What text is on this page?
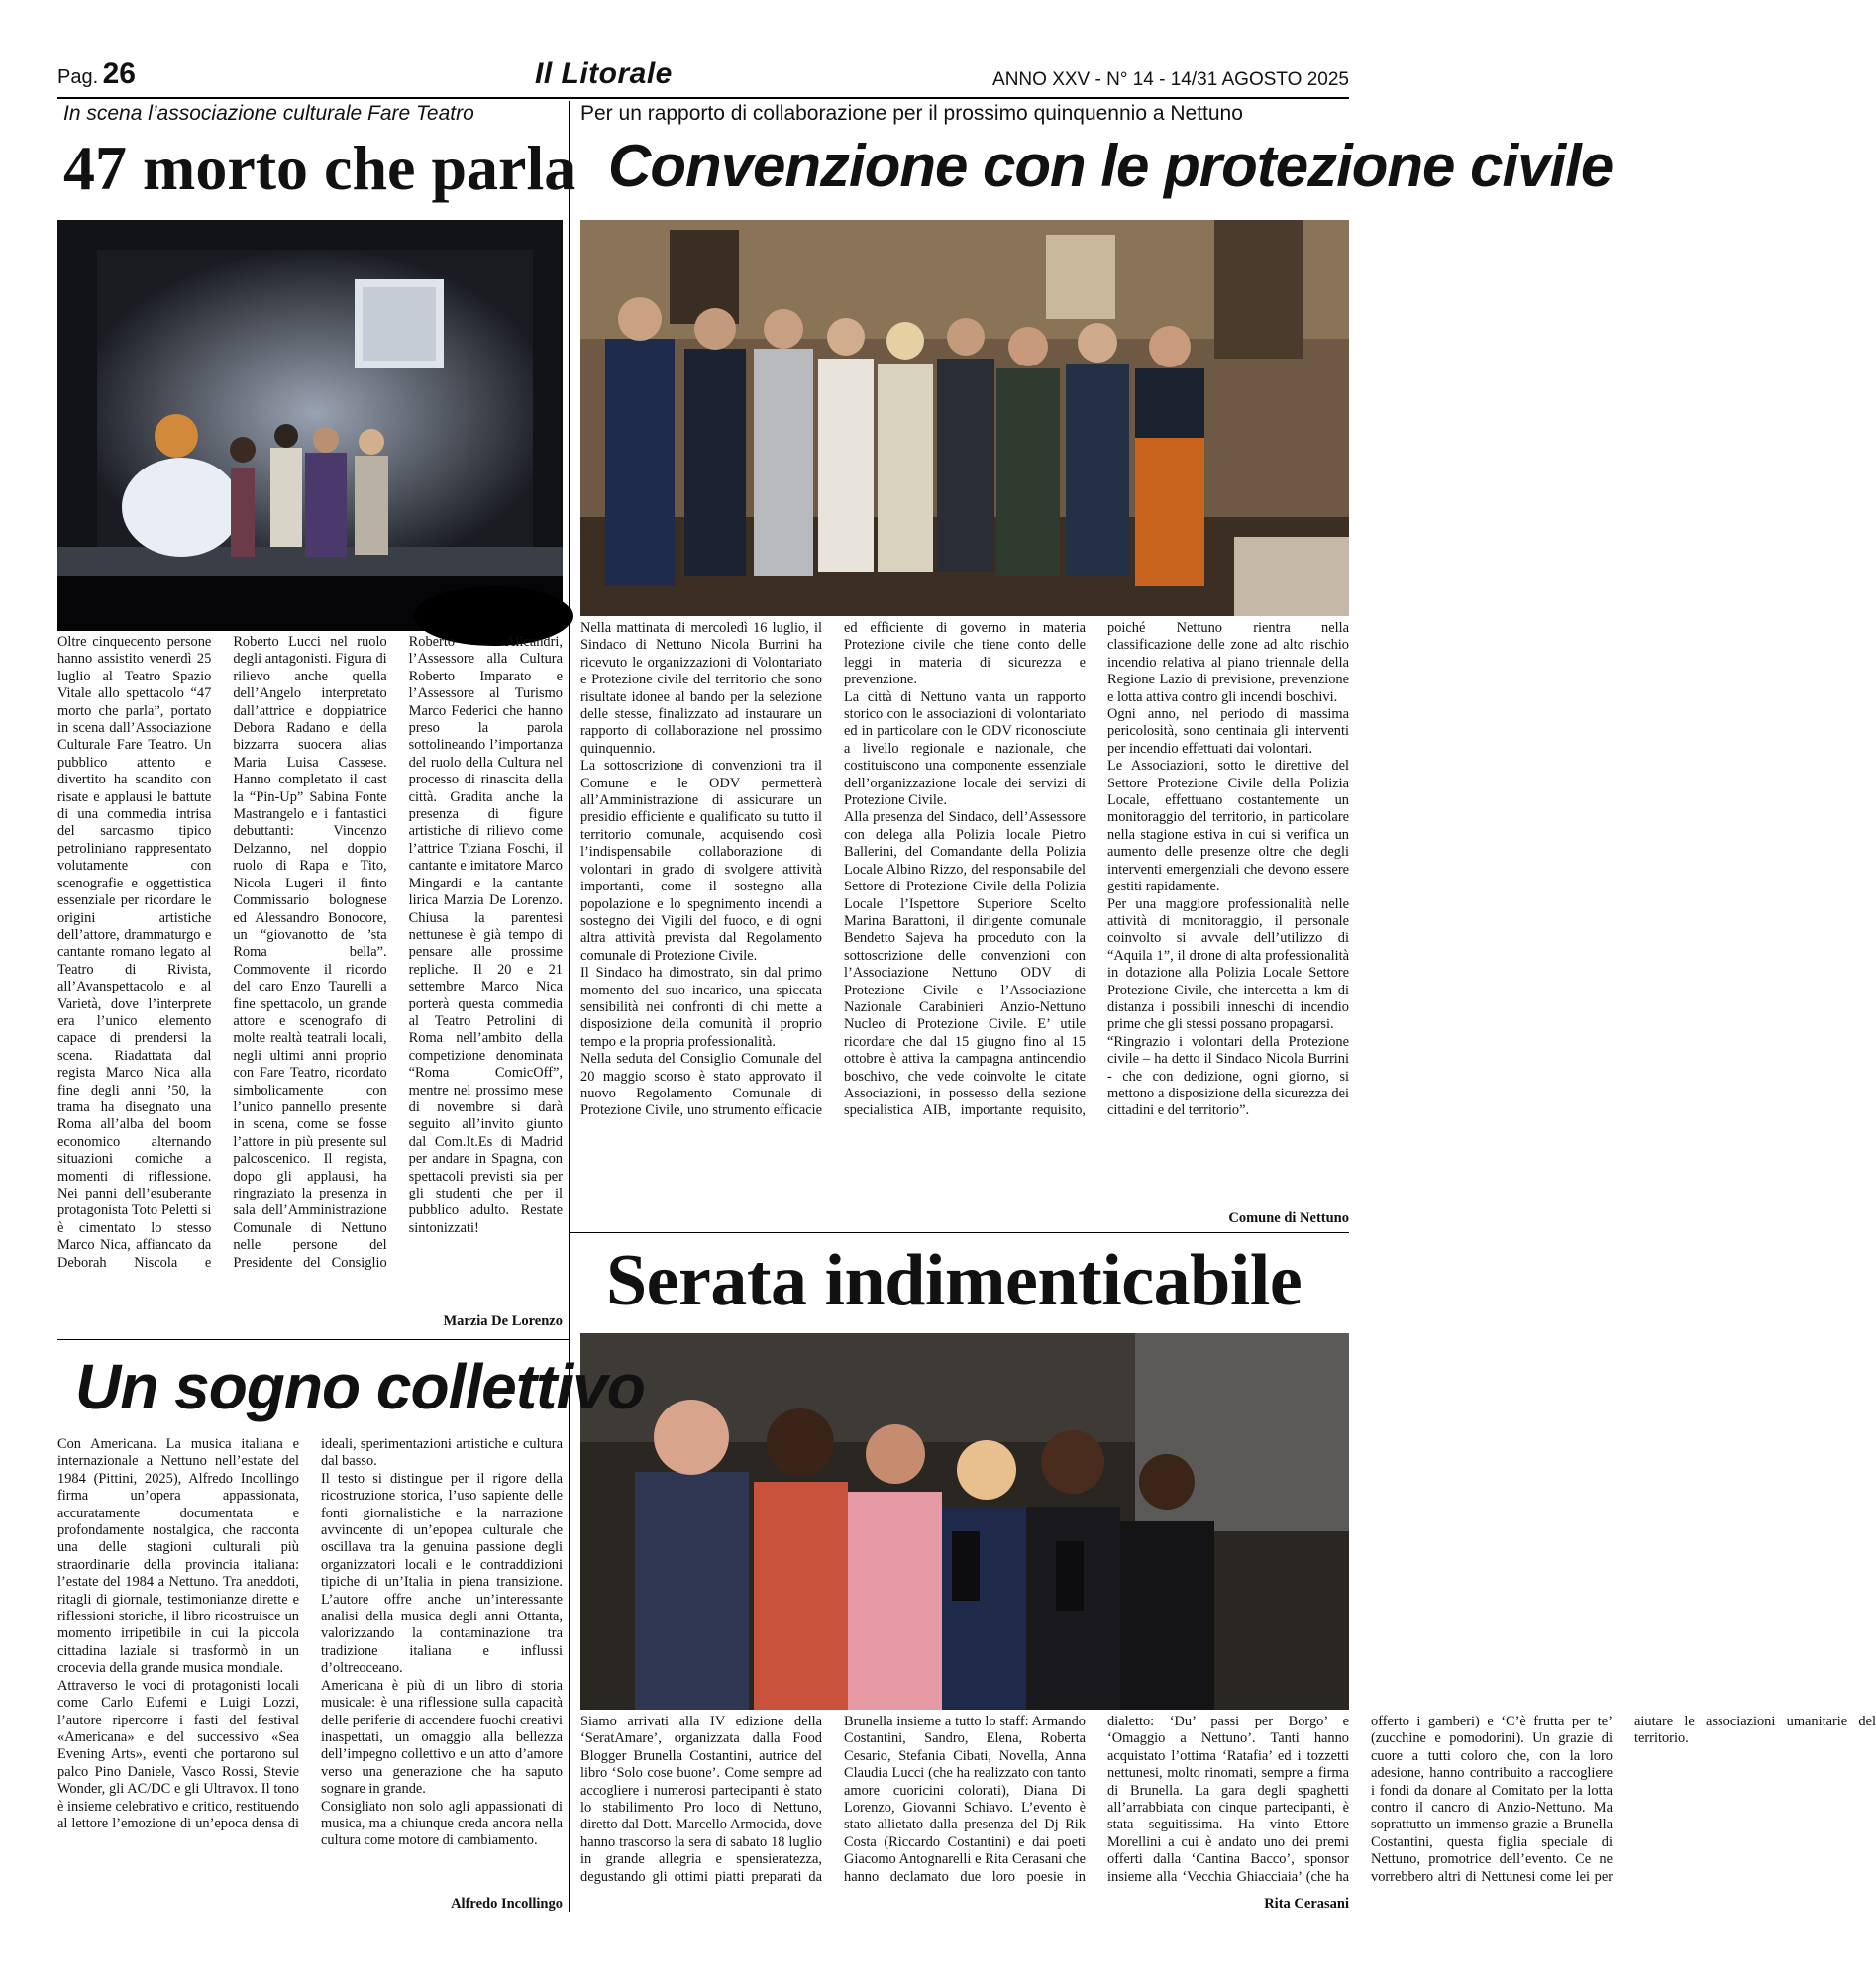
Pag. 26	Il Litorale	ANNO XXV - N° 14 - 14/31 AGOSTO 2025
In scena l’associazione culturale Fare Teatro
47 morto che parla

Oltre cinquecento persone hanno assistito venerdì 25 luglio al Teatro Spazio Vitale allo spettacolo “47 morto che parla”, portato in scena dall’Associazione Culturale Fare Teatro. Un pubblico attento e divertito ha scandito con risate e applausi le battute di una commedia intrisa del sarcasmo tipico petroliniano rappresentato volutamente con scenografie e oggettistica essenziale per ricordare le origini artistiche dell’attore, drammaturgo e cantante romano legato al Teatro di Rivista, all’Avanspettacolo e al Varietà, dove l’interprete era l’unico elemento capace di prendersi la scena. Riadattata dal regista Marco Nica alla fine degli anni ’50, la trama ha disegnato una Roma all’alba del boom economico alternando situazioni comiche a momenti di riflessione. Nei panni dell’esuberante protagonista Toto Peletti si è cimentato lo stesso Marco Nica, affiancato da Deborah Niscola e Roberto Lucci nel ruolo degli antagonisti. Figura di rilievo anche quella dell’Angelo interpretato dall’attrice e doppiatrice Debora Radano e della bizzarra suocera alias Maria Luisa Cassese. Hanno completato il cast la “Pin-Up” Sabina Fonte Mastrangelo e i fantastici debuttanti: Vincenzo Delzanno, nel doppio ruolo di Rapa e Tito, Nicola Lugeri il finto Commissario bolognese ed Alessandro Bonocore, un “giovanotto de ’sta Roma bella”. Commovente il ricordo del caro Enzo Taurelli a fine spettacolo, un grande attore e scenografo di molte realtà teatrali locali, negli ultimi anni proprio con Fare Teatro, ricordato simbolicamente con l’unico pannello presente in scena, come se fosse l’attore in più presente sul palcoscenico. Il regista, dopo gli applausi, ha ringraziato la presenza in sala dell’Amministrazione Comunale di Nettuno nelle persone del Presidente del Consiglio Roberto Alicandri, l’Assessore alla Cultura Roberto Imparato e l’Assessore al Turismo Marco Federici che hanno preso la parola sottolineando l’importanza del ruolo della Cultura nel processo di rinascita della città. Gradita anche la presenza di figure artistiche di rilievo come l’attrice Tiziana Foschi, il cantante e imitatore Marco Mingardi e la cantante lirica Marzia De Lorenzo. Chiusa la parentesi nettunese è già tempo di pensare alle prossime repliche. Il 20 e 21 settembre Marco Nica porterà questa commedia al Teatro Petrolini di Roma nell’ambito della competizione denominata “Roma ComicOff”, mentre nel prossimo mese di novembre si darà seguito all’invito giunto dal Com.It.Es di Madrid per andare in Spagna, con spettacoli previsti sia per gli studenti che per il pubblico adulto. Restate sintonizzati!

Marzia De Lorenzo
Per un rapporto di collaborazione per il prossimo quinquennio a Nettuno
Convenzione con le protezione civile

Nella mattinata di mercoledì 16 luglio, il Sindaco di Nettuno Nicola Burrini ha ricevuto le organizzazioni di Volontariato e Protezione civile del territorio che sono risultate idonee al bando per la selezione delle stesse, finalizzato ad instaurare un rapporto di collaborazione nel prossimo quinquennio.

La sottoscrizione di convenzioni tra il Comune e le ODV permetterà all’Amministrazione di assicurare un presidio efficiente e qualificato su tutto il territorio comunale, acquisendo così l’indispensabile collaborazione di volontari in grado di svolgere attività importanti, come il sostegno alla popolazione e lo spegnimento incendi a sostegno dei Vigili del fuoco, e di ogni altra attività prevista dal Regolamento comunale di Protezione Civile.

Il Sindaco ha dimostrato, sin dal primo momento del suo incarico, una spiccata sensibilità nei confronti di chi mette a disposizione della comunità il proprio tempo e la propria professionalità.

Nella seduta del Consiglio Comunale del 20 maggio scorso è stato approvato il nuovo Regolamento Comunale di Protezione Civile, uno strumento efficacie ed efficiente di governo in materia Protezione civile che tiene conto delle leggi in materia di sicurezza e prevenzione.

La città di Nettuno vanta un rapporto storico con le associazioni di volontariato ed in particolare con le ODV riconosciute a livello regionale e nazionale, che costituiscono una componente essenziale dell’organizzazione locale dei servizi di Protezione Civile.

Alla presenza del Sindaco, dell’Assessore con delega alla Polizia locale Pietro Ballerini, del Comandante della Polizia Locale Albino Rizzo, del responsabile del Settore di Protezione Civile della Polizia Locale l’Ispettore Superiore Scelto Marina Barattoni, il dirigente comunale Bendetto Sajeva ha proceduto con la sottoscrizione delle convenzioni con l’Associazione Nettuno ODV di Protezione Civile e l’Associazione Nazionale Carabinieri Anzio-Nettuno Nucleo di Protezione Civile. E’ utile ricordare che dal 15 giugno fino al 15 ottobre è attiva la campagna antincendio boschivo, che vede coinvolte le citate Associazioni, in possesso della sezione specialistica AIB, importante requisito, poiché Nettuno rientra nella classificazione delle zone ad alto rischio incendio relativa al piano triennale della Regione Lazio di previsione, prevenzione e lotta attiva contro gli incendi boschivi.

Ogni anno, nel periodo di massima pericolosità, sono centinaia gli interventi per incendio effettuati dai volontari.

Le Associazioni, sotto le direttive del Settore Protezione Civile della Polizia Locale, effettuano costantemente un monitoraggio del territorio, in particolare nella stagione estiva in cui si verifica un aumento delle presenze oltre che degli interventi emergenziali che devono essere gestiti rapidamente.

Per una maggiore professionalità nelle attività di monitoraggio, il personale coinvolto si avvale dell’utilizzo di “Aquila 1”, il drone di alta professionalità in dotazione alla Polizia Locale Settore Protezione Civile, che intercetta a km di distanza i possibili inneschi di incendio prime che gli stessi possano propagarsi.

“Ringrazio i volontari della Protezione civile – ha detto il Sindaco Nicola Burrini - che con dedizione, ogni giorno, si mettono a disposizione della sicurezza dei cittadini e del territorio”.

Comune di Nettuno
Serata indimenticabile

Siamo arrivati alla IV edizione della ‘SeratAmare’, organizzata dalla Food Blogger Brunella Costantini, autrice del libro ‘Solo cose buone’. Come sempre ad accogliere i numerosi partecipanti è stato lo stabilimento Pro loco di Nettuno, diretto dal Dott. Marcello Armocida, dove hanno trascorso la sera di sabato 18 luglio in grande allegria e spensieratezza, degustando gli ottimi piatti preparati da Brunella insieme a tutto lo staff: Armando Costantini, Sandro, Elena, Roberta Cesario, Stefania Cibati, Novella, Anna Claudia Lucci (che ha realizzato con tanto amore cuoricini colorati), Diana Di Lorenzo, Giovanni Schiavo. L’evento è stato allietato dalla presenza del Dj Rik Costa (Riccardo Costantini) e dai poeti Giacomo Antognarelli e Rita Cerasani che hanno declamato due loro poesie in dialetto: ‘Du’ passi per Borgo’ e ‘Omaggio a Nettuno’. Tanti hanno acquistato l’ottima ‘Ratafia’ ed i tozzetti nettunesi, molto rinomati, sempre a firma di Brunella. La gara degli spaghetti all’arrabbiata con cinque partecipanti, è stata seguitissima. Ha vinto Ettore Morellini a cui è andato uno dei premi offerti dalla ‘Cantina Bacco’, sponsor insieme alla ‘Vecchia Ghiacciaia’ (che ha offerto i gamberi) e ‘C’è frutta per te’ (zucchine e pomodorini). Un grazie di cuore a tutti coloro che, con la loro adesione, hanno contribuito a raccogliere i fondi da donare al Comitato per la lotta contro il cancro di Anzio-Nettuno. Ma soprattutto un immenso grazie a Brunella Costantini, questa figlia speciale di Nettuno, promotrice dell’evento. Ce ne vorrebbero altri di Nettunesi come lei per aiutare le associazioni umanitarie del territorio.

Rita Cerasani
Un sogno collettivo

Con Americana. La musica italiana e internazionale a Nettuno nell’estate del 1984 (Pittini, 2025), Alfredo Incollingo firma un’opera appassionata, accuratamente documentata e profondamente nostalgica, che racconta una delle stagioni culturali più straordinarie della provincia italiana: l’estate del 1984 a Nettuno. Tra aneddoti, ritagli di giornale, testimonianze dirette e riflessioni storiche, il libro ricostruisce un momento irripetibile in cui la piccola cittadina laziale si trasformò in un crocevia della grande musica mondiale.

Attraverso le voci di protagonisti locali come Carlo Eufemi e Luigi Lozzi, l’autore ripercorre i fasti del festival «Americana» e del successivo «Sea Evening Arts», eventi che portarono sul palco Pino Daniele, Vasco Rossi, Stevie Wonder, gli AC/DC e gli Ultravox. Il tono è insieme celebrativo e critico, restituendo al lettore l’emozione di un’epoca densa di ideali, sperimentazioni artistiche e cultura dal basso.

Il testo si distingue per il rigore della ricostruzione storica, l’uso sapiente delle fonti giornalistiche e la narrazione avvincente di un’epopea culturale che oscillava tra la genuina passione degli organizzatori locali e le contraddizioni tipiche di un’Italia in piena transizione. L’autore offre anche un’interessante analisi della musica degli anni Ottanta, valorizzando la contaminazione tra tradizione italiana e influssi d’oltreoceano.

Americana è più di un libro di storia musicale: è una riflessione sulla capacità delle periferie di accendere fuochi creativi inaspettati, un omaggio alla bellezza dell’impegno collettivo e un atto d’amore verso una generazione che ha saputo sognare in grande.

Consigliato non solo agli appassionati di musica, ma a chiunque creda ancora nella cultura come motore di cambiamento.

Alfredo Incollingo
